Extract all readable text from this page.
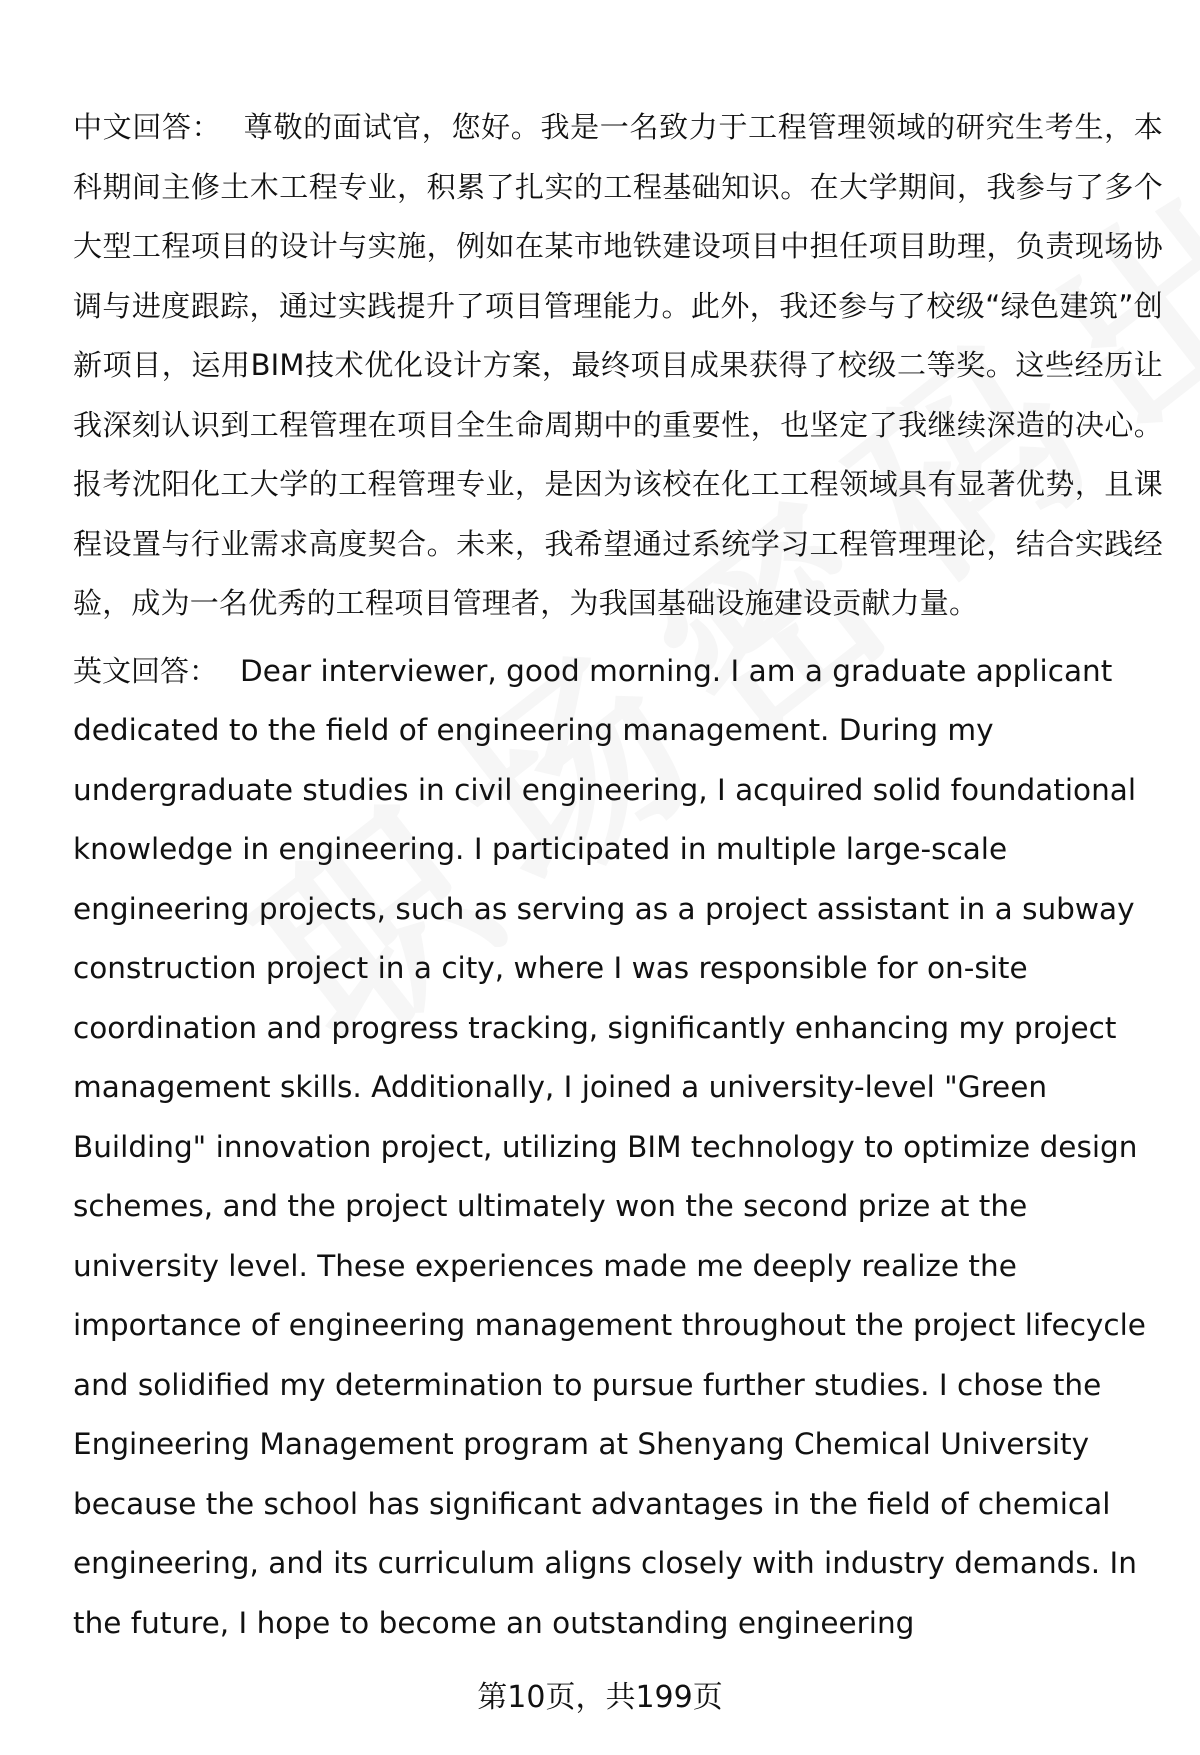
中文回答： 尊敬的面试官，您好。我是一名致力于工程管理领域的研究生考生，本科期间主修土木工程专业，积累了扎实的工程基础知识。在大学期间，我参与了多个大型工程项目的设计与实施，例如在某市地铁建设项目中担任项目助理，负责现场协调与进度跟踪，通过实践提升了项目管理能力。此外，我还参与了校级“绿色建筑”创新项目，运用BIM技术优化设计方案，最终项目成果获得了校级二等奖。这些经历让我深刻认识到工程管理在项目全生命周期中的重要性，也坚定了我继续深造的决心。报考沈阳化工大学的工程管理专业，是因为该校在化工工程领域具有显著优势，且课程设置与行业需求高度契合。未来，我希望通过系统学习工程管理理论，结合实践经验，成为一名优秀的工程项目管理者，为我国基础设施建设贡献力量。

英文回答： Dear interviewer, good morning. I am a graduate applicant dedicated to the field of engineering management. During my undergraduate studies in civil engineering, I acquired solid foundational knowledge in engineering. I participated in multiple large-scale engineering projects, such as serving as a project assistant in a subway construction project in a city, where I was responsible for on-site coordination and progress tracking, significantly enhancing my project management skills. Additionally, I joined a university-level "Green Building" innovation project, utilizing BIM technology to optimize design schemes, and the project ultimately won the second prize at the university level. These experiences made me deeply realize the importance of engineering management throughout the project lifecycle and solidified my determination to pursue further studies. I chose the Engineering Management program at Shenyang Chemical University because the school has significant advantages in the field of chemical engineering, and its curriculum aligns closely with industry demands. In the future, I hope to become an outstanding engineering

第10页，共199页
